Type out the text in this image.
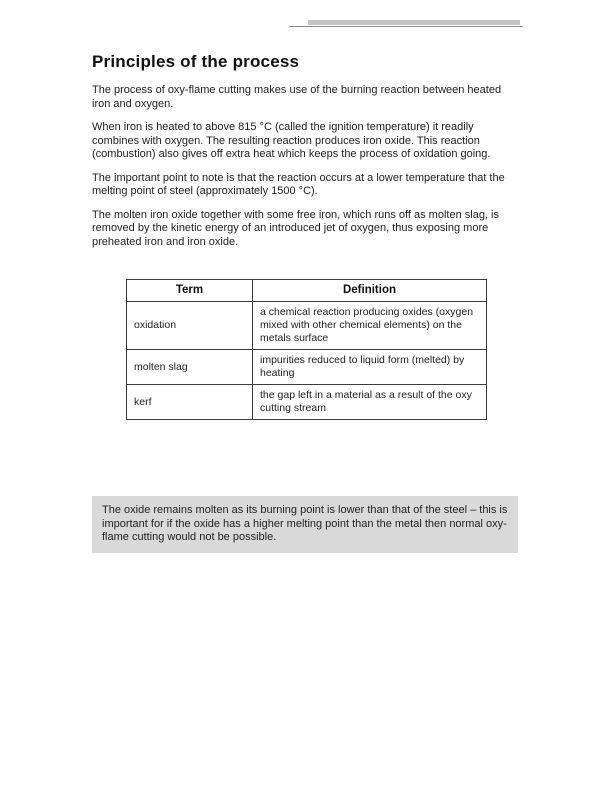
Principles of the process

The process of oxy-flame cutting makes use of the burning reaction between heated iron and oxygen.

When iron is heated to above 815 °C (called the ignition temperature) it readily combines with oxygen. The resulting reaction produces iron oxide. This reaction (combustion) also gives off extra heat which keeps the process of oxidation going.

The important point to note is that the reaction occurs at a lower temperature that the melting point of steel (approximately 1500 °C).

The molten iron oxide together with some free iron, which runs off as molten slag, is removed by the kinetic energy of an introduced jet of oxygen, thus exposing more preheated iron and iron oxide.

Term	Definition
oxidation	a chemical reaction producing oxides (oxygen mixed with other chemical elements) on the metals surface
molten slag	impurities reduced to liquid form (melted) by heating
kerf	the gap left in a material as a result of the oxy cutting stream

The oxide remains molten as its burning point is lower than that of the steel – this is important for if the oxide has a higher melting point than the metal then normal oxy-flame cutting would not be possible.
